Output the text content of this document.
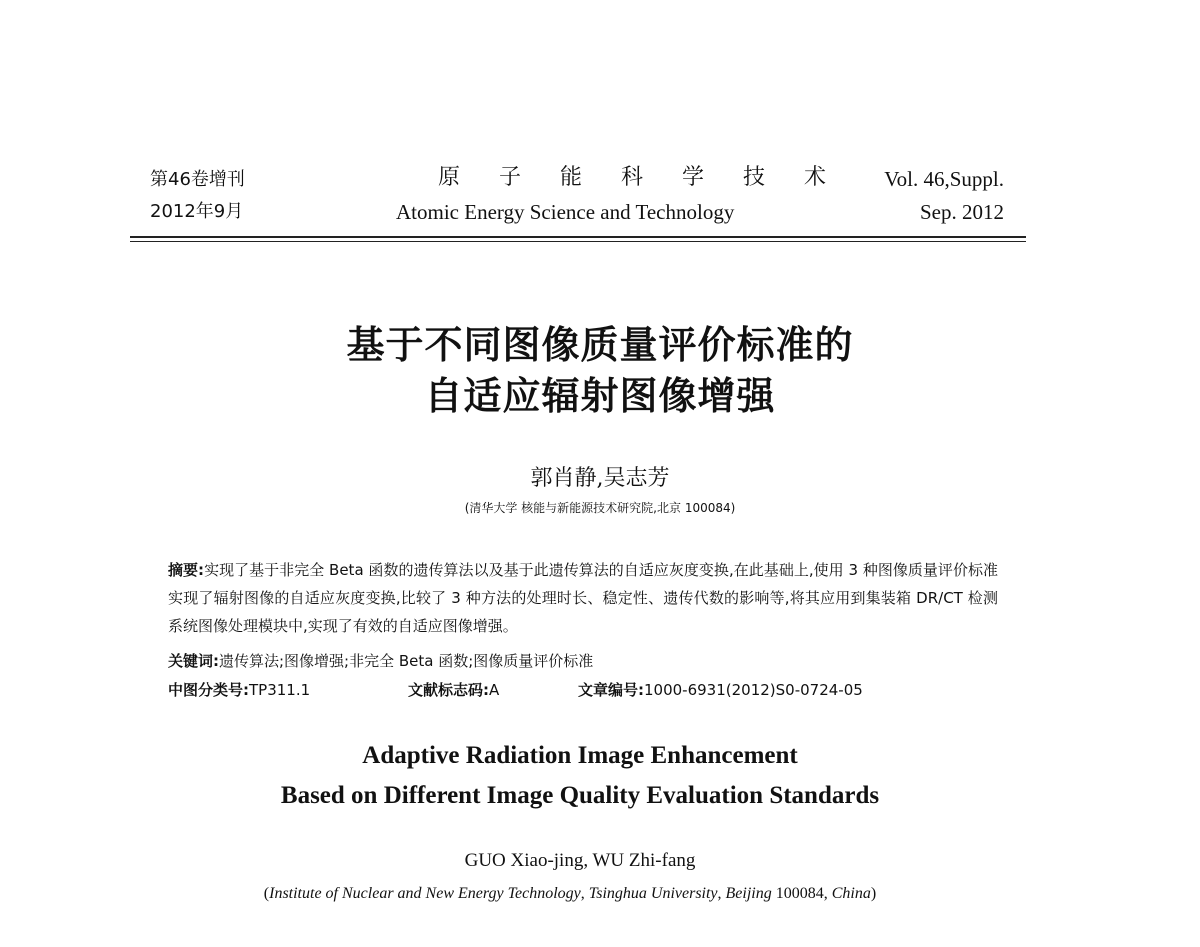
第46卷增刊
2012年9月
原 子 能 科 学 技 术
Atomic Energy Science and Technology
Vol. 46,Suppl.
Sep. 2012
基于不同图像质量评价标准的
自适应辐射图像增强
郭肖静,吴志芳
(清华大学 核能与新能源技术研究院,北京 100084)
摘要:实现了基于非完全 Beta 函数的遗传算法以及基于此遗传算法的自适应灰度变换,在此基础上,使用 3 种图像质量评价标准实现了辐射图像的自适应灰度变换,比较了 3 种方法的处理时长、稳定性、遗传代数的影响等,将其应用到集装箱 DR/CT 检测系统图像处理模块中,实现了有效的自适应图像增强。
关键词:遗传算法;图像增强;非完全 Beta 函数;图像质量评价标准
中图分类号:TP311.1	文献标志码:A	文章编号:1000-6931(2012)S0-0724-05
Adaptive Radiation Image Enhancement
Based on Different Image Quality Evaluation Standards
GUO Xiao-jing, WU Zhi-fang
(Institute of Nuclear and New Energy Technology, Tsinghua University, Beijing 100084, China)
